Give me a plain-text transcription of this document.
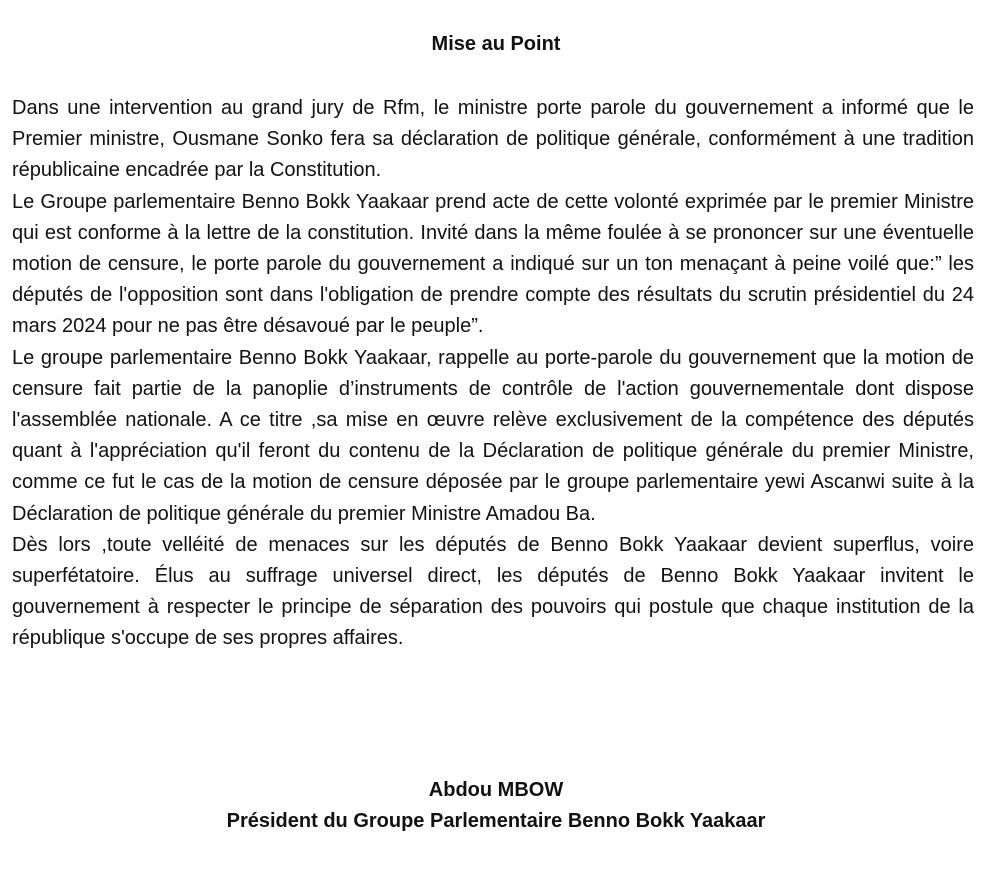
Mise au Point

Dans une intervention au grand jury de Rfm, le ministre porte parole du gouvernement a informé que le Premier ministre, Ousmane Sonko fera sa déclaration de politique générale, conformément à une tradition républicaine encadrée par la Constitution.

Le Groupe parlementaire Benno Bokk Yaakaar prend acte de cette volonté exprimée par le premier Ministre qui est conforme à la lettre de la constitution. Invité dans la même foulée à se prononcer sur une éventuelle motion de censure, le porte parole du gouvernement a indiqué sur un ton menaçant à peine voilé que:” les députés de l'opposition sont dans l'obligation de prendre compte des résultats du scrutin présidentiel du 24 mars 2024 pour ne pas être désavoué par le peuple”.

Le groupe parlementaire Benno Bokk Yaakaar, rappelle au porte-parole du gouvernement que la motion de censure fait partie de la panoplie d’instruments de contrôle de l'action gouvernementale dont dispose l'assemblée nationale. A ce titre ,sa mise en œuvre relève exclusivement de la compétence des députés quant à l'appréciation qu'il feront du contenu de la Déclaration de politique générale du premier Ministre, comme ce fut le cas de la motion de censure déposée par le groupe parlementaire yewi Ascanwi suite à la Déclaration de politique générale du premier Ministre Amadou Ba.

Dès lors ,toute velléité de menaces sur les députés de Benno Bokk Yaakaar devient superflus, voire superfétatoire. Élus au suffrage universel direct, les députés de Benno Bokk Yaakaar invitent le gouvernement à respecter le principe de séparation des pouvoirs qui postule que chaque institution de la république s'occupe de ses propres affaires.

Abdou MBOW
Président du Groupe Parlementaire Benno Bokk Yaakaar
